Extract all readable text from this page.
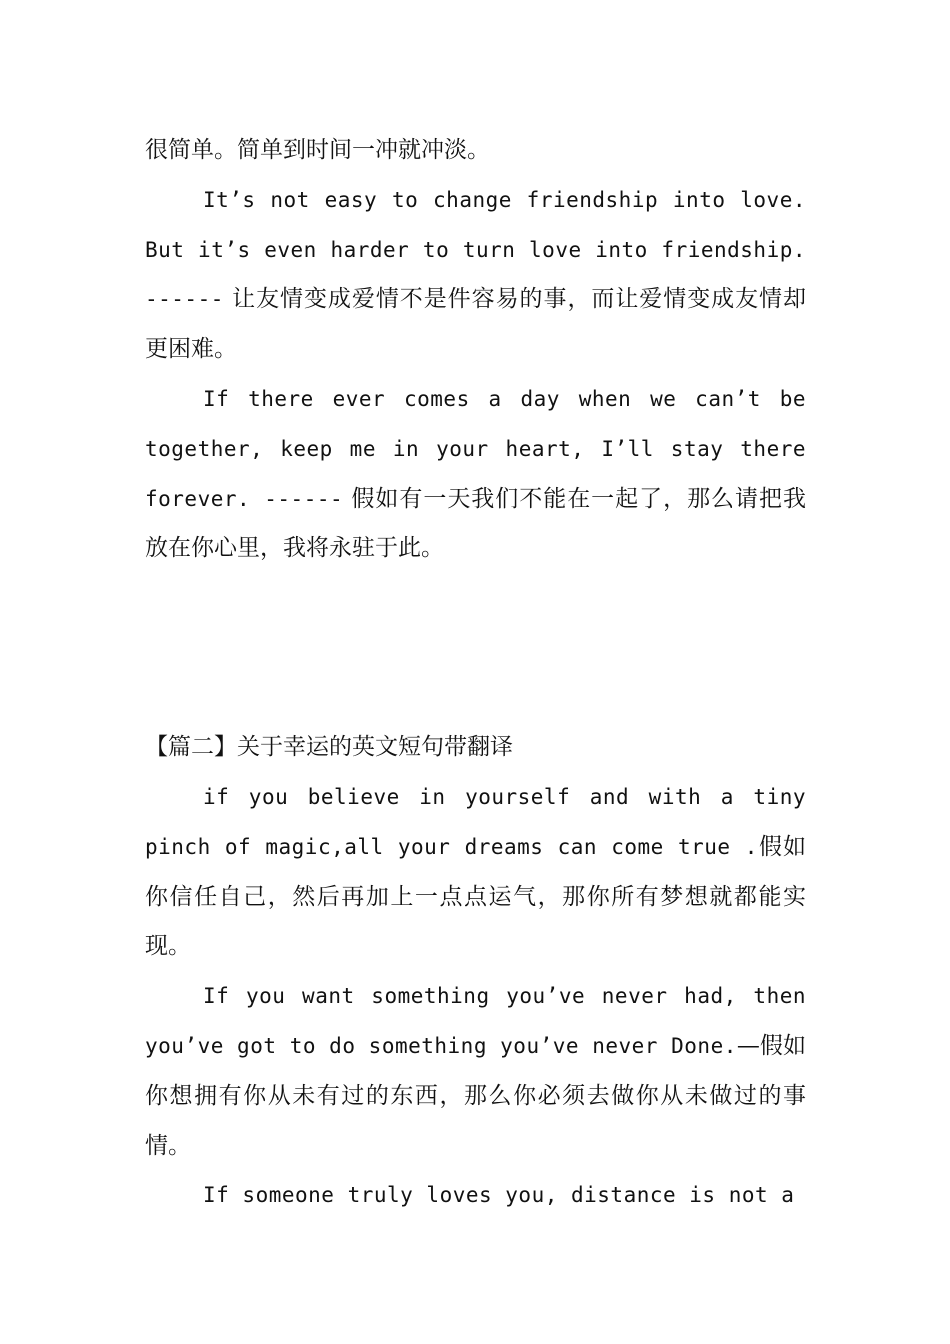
很简单。简单到时间一冲就冲淡。

It’s not easy to change friendship into love. But it’s even harder to turn love into friendship. ------ 让友情变成爱情不是件容易的事，而让爱情变成友情却更困难。

If there ever comes a day when we can’t be together, keep me in your heart, I’ll stay there forever. ------ 假如有一天我们不能在一起了，那么请把我放在你心里，我将永驻于此。

【篇二】关于幸运的英文短句带翻译

if you believe in yourself and with a tiny pinch of magic,all your dreams can come true .假如你信任自己，然后再加上一点点运气，那你所有梦想就都能实现。

If you want something you’ve never had, then you’ve got to do something you’ve never Done.—假如你想拥有你从未有过的东西，那么你必须去做你从未做过的事情。

If someone truly loves you, distance is not a
